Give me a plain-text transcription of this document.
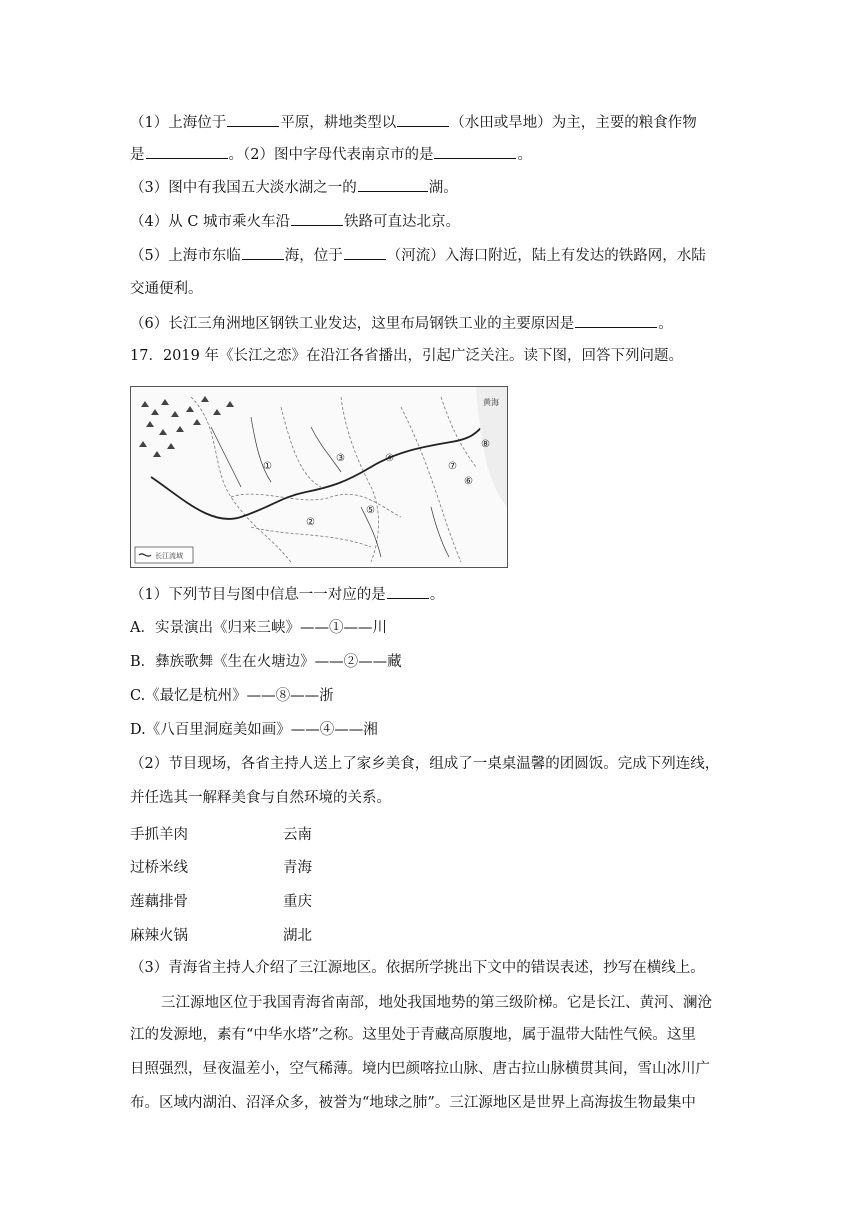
（1）上海位于	平原，耕地类型以	（水田或旱地）为主，主要的粮食作物
是	。（2）图中字母代表南京市的是	。
（3）图中有我国五大淡水湖之一的	湖。
（4）从 C 城市乘火车沿	铁路可直达北京。
（5）上海市东临	海，位于	（河流）入海口附近，陆上有发达的铁路网，水陆
交通便利。
（6）长江三角洲地区钢铁工业发达，这里布局钢铁工业的主要原因是	。
17．2019 年《长江之恋》在沿江各省播出，引起广泛关注。读下图，回答下列问题。
黄海
①
②
③	④
⑤
⑥
⑦
⑧
长江流域
（1）下列节目与图中信息一一对应的是	。
A．实景演出《归来三峡》——①——川
B．彝族歌舞《生在火塘边》——②——藏
C.《最忆是杭州》——⑧——浙
D.《八百里洞庭美如画》——④——湘
（2）节目现场，各省主持人送上了家乡美食，组成了一桌桌温馨的团圆饭。完成下列连线，
并任选其一解释美食与自然环境的关系。
手抓羊肉	云南
过桥米线	青海
莲藕排骨	重庆
麻辣火锅	湖北
（3）青海省主持人介绍了三江源地区。依据所学挑出下文中的错误表述，抄写在横线上。
三江源地区位于我国青海省南部，地处我国地势的第三级阶梯。它是长江、黄河、澜沧
江的发源地，素有“中华水塔”之称。这里处于青藏高原腹地，属于温带大陆性气候。这里
日照强烈，昼夜温差小，空气稀薄。境内巴颜喀拉山脉、唐古拉山脉横贯其间，雪山冰川广
布。区域内湖泊、沼泽众多，被誉为“地球之肺”。三江源地区是世界上高海拔生物最集中
